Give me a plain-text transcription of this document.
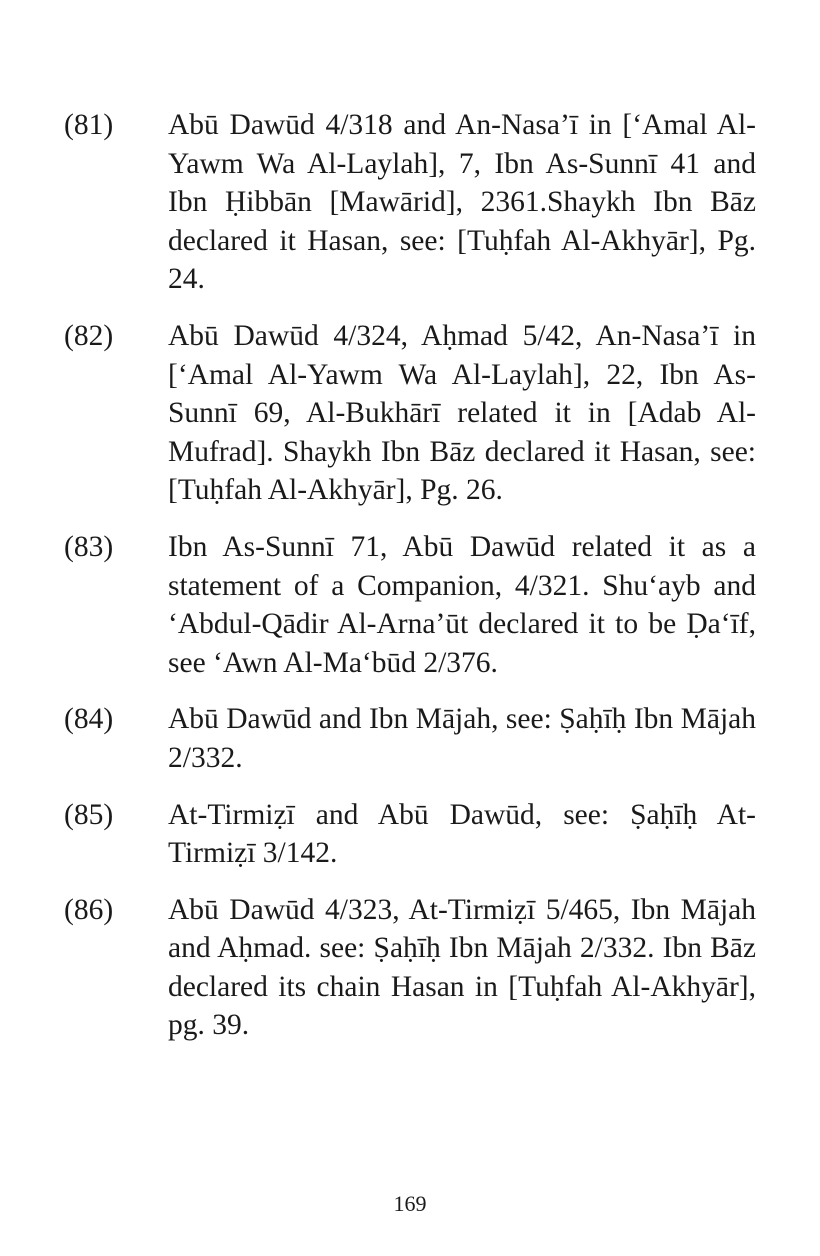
(81)	Abū Dawūd 4/318 and An-Nasa’ī in [‘Amal Al-Yawm Wa Al-Laylah], 7, Ibn As-Sunnī 41 and Ibn Ḥibbān [Mawārid], 2361.Shaykh Ibn Bāz declared it Hasan, see: [Tuḥfah Al-Akhyār], Pg. 24.
(82)	Abū Dawūd 4/324, Aḥmad 5/42, An-Nasa’ī in [‘Amal Al-Yawm Wa Al-Laylah], 22, Ibn As-Sunnī 69, Al-Bukhārī related it in [Adab Al-Mufrad]. Shaykh Ibn Bāz declared it Hasan, see: [Tuḥfah Al-Akhyār], Pg. 26.
(83)	Ibn As-Sunnī 71, Abū Dawūd related it as a statement of a Companion, 4/321. Shu‘ayb and ‘Abdul-Qādir Al-Arna’ūt declared it to be Ḍa‘īf, see ‘Awn Al-Ma‘būd 2/376.
(84)	Abū Dawūd and Ibn Mājah, see: Ṣaḥīḥ Ibn Mājah 2/332.
(85)	At-Tirmiẓī and Abū Dawūd, see: Ṣaḥīḥ At-Tirmiẓī 3/142.
(86)	Abū Dawūd 4/323, At-Tirmiẓī 5/465, Ibn Mājah and Aḥmad. see: Ṣaḥīḥ Ibn Mājah 2/332. Ibn Bāz declared its chain Hasan in [Tuḥfah Al-Akhyār], pg. 39.
169
